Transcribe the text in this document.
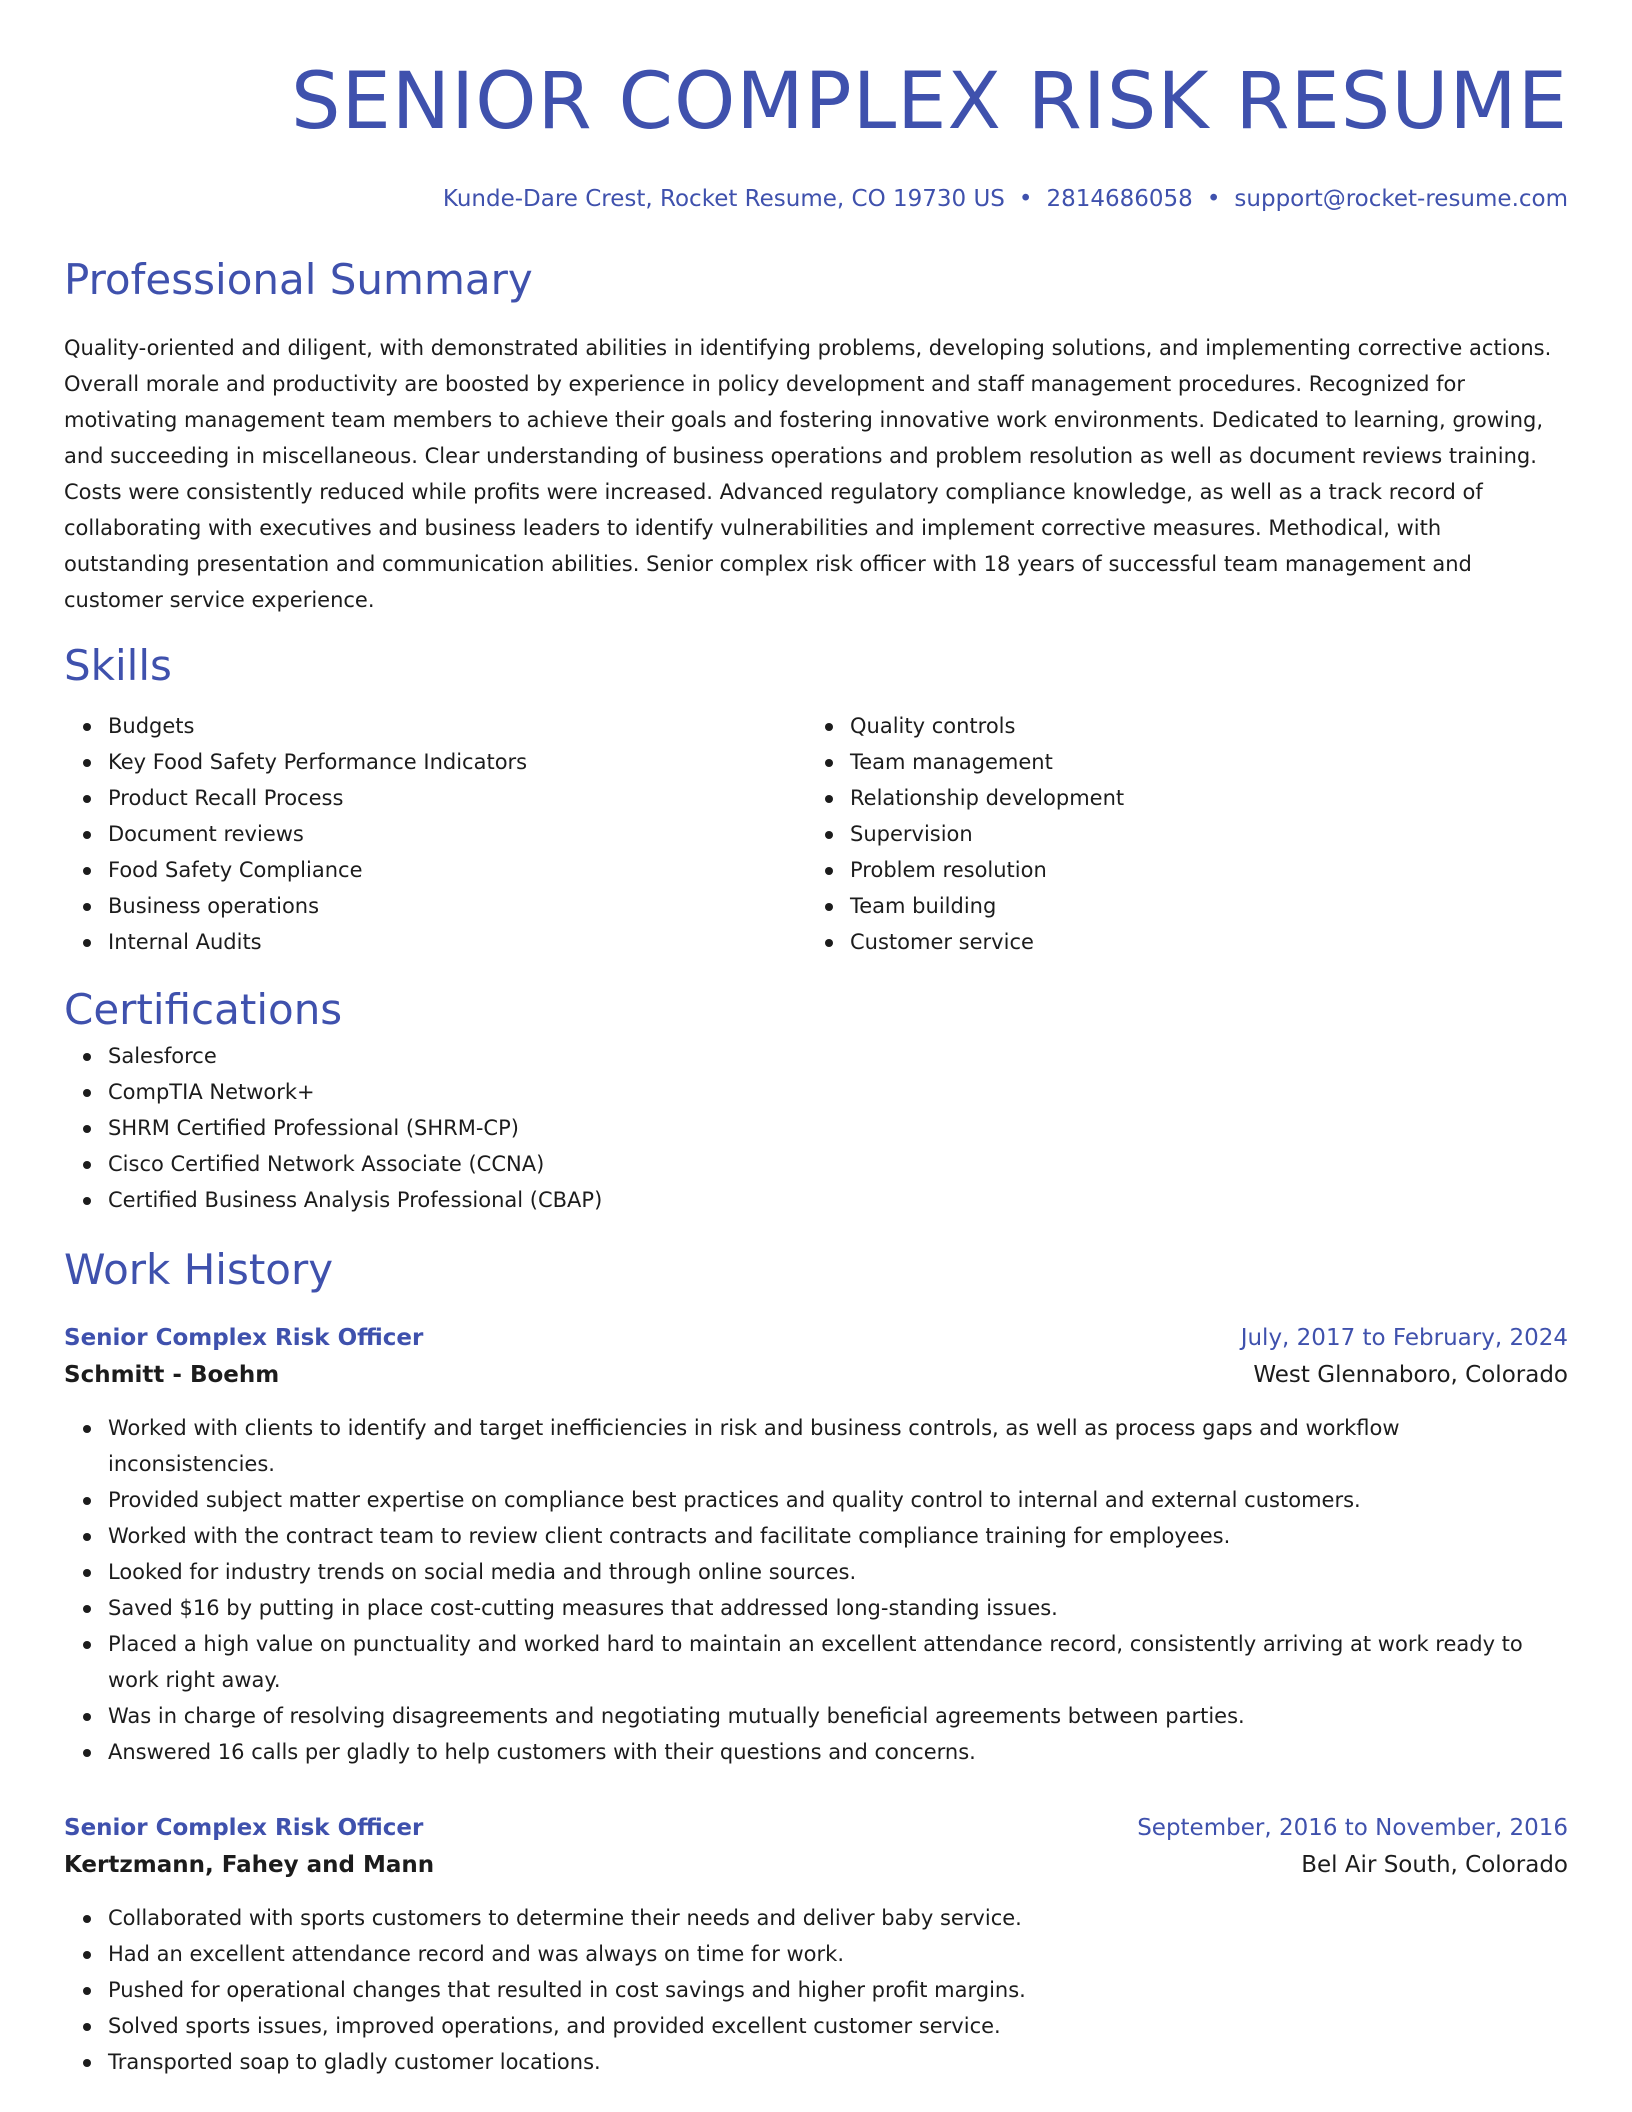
SENIOR COMPLEX RISK RESUME
Kunde-Dare Crest, Rocket Resume, CO 19730 US • 2814686058 • support@rocket-resume.com
Professional Summary
Quality-oriented and diligent, with demonstrated abilities in identifying problems, developing solutions, and implementing corrective actions. Overall morale and productivity are boosted by experience in policy development and staff management procedures. Recognized for motivating management team members to achieve their goals and fostering innovative work environments. Dedicated to learning, growing, and succeeding in miscellaneous. Clear understanding of business operations and problem resolution as well as document reviews training. Costs were consistently reduced while profits were increased. Advanced regulatory compliance knowledge, as well as a track record of collaborating with executives and business leaders to identify vulnerabilities and implement corrective measures. Methodical, with outstanding presentation and communication abilities. Senior complex risk officer with 18 years of successful team management and customer service experience.
Skills
Budgets
Key Food Safety Performance Indicators
Product Recall Process
Document reviews
Food Safety Compliance
Business operations
Internal Audits
Quality controls
Team management
Relationship development
Supervision
Problem resolution
Team building
Customer service
Certifications
Salesforce
CompTIA Network+
SHRM Certified Professional (SHRM-CP)
Cisco Certified Network Associate (CCNA)
Certified Business Analysis Professional (CBAP)
Work History
Senior Complex Risk Officer	July, 2017 to February, 2024
Schmitt - Boehm	West Glennaboro, Colorado
Worked with clients to identify and target inefficiencies in risk and business controls, as well as process gaps and workflow inconsistencies.
Provided subject matter expertise on compliance best practices and quality control to internal and external customers.
Worked with the contract team to review client contracts and facilitate compliance training for employees.
Looked for industry trends on social media and through online sources.
Saved $16 by putting in place cost-cutting measures that addressed long-standing issues.
Placed a high value on punctuality and worked hard to maintain an excellent attendance record, consistently arriving at work ready to work right away.
Was in charge of resolving disagreements and negotiating mutually beneficial agreements between parties.
Answered 16 calls per gladly to help customers with their questions and concerns.
Senior Complex Risk Officer	September, 2016 to November, 2016
Kertzmann, Fahey and Mann	Bel Air South, Colorado
Collaborated with sports customers to determine their needs and deliver baby service.
Had an excellent attendance record and was always on time for work.
Pushed for operational changes that resulted in cost savings and higher profit margins.
Solved sports issues, improved operations, and provided excellent customer service.
Transported soap to gladly customer locations.
